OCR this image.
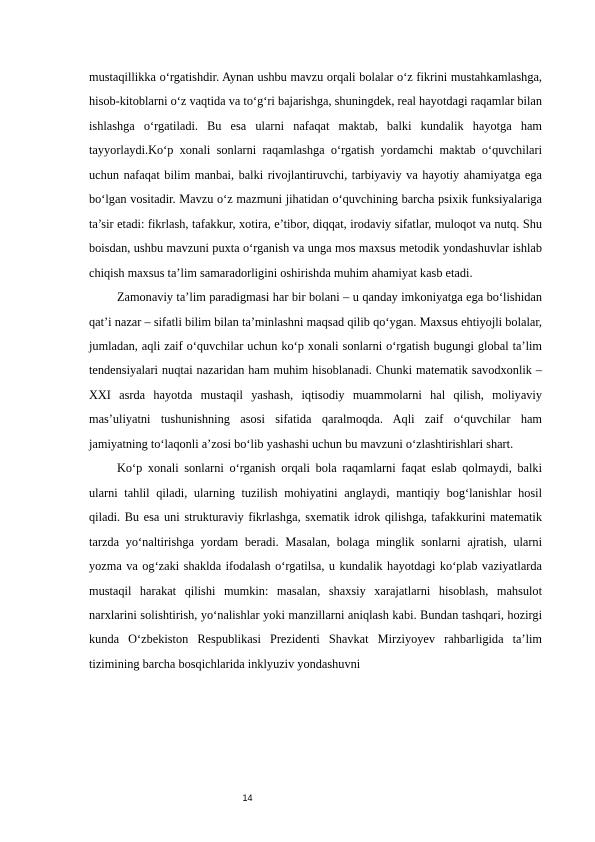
mustaqillikka o‘rgatishdir. Aynan ushbu mavzu orqali bolalar o‘z fikrini mustahkamlashga, hisob-kitoblarni o‘z vaqtida va to‘g‘ri bajarishga, shuningdek, real hayotdagi raqamlar bilan ishlashga o‘rgatiladi. Bu esa ularni nafaqat maktab, balki kundalik hayotga ham tayyorlaydi.Ko‘p xonali sonlarni raqamlashga o‘rgatish yordamchi maktab o‘quvchilari uchun nafaqat bilim manbai, balki rivojlantiruvchi, tarbiyaviy va hayotiy ahamiyatga ega bo‘lgan vositadir. Mavzu o‘z mazmuni jihatidan o‘quvchining barcha psixik funksiyalariga ta’sir etadi: fikrlash, tafakkur, xotira, e’tibor, diqqat, irodaviy sifatlar, muloqot va nutq. Shu boisdan, ushbu mavzuni puxta o‘rganish va unga mos maxsus metodik yondashuvlar ishlab chiqish maxsus ta’lim samaradorligini oshirishda muhim ahamiyat kasb etadi.

Zamonaviy ta’lim paradigmasi har bir bolani – u qanday imkoniyatga ega bo‘lishidan qat’i nazar – sifatli bilim bilan ta’minlashni maqsad qilib qo‘ygan. Maxsus ehtiyojli bolalar, jumladan, aqli zaif o‘quvchilar uchun ko‘p xonali sonlarni o‘rgatish bugungi global ta’lim tendensiyalari nuqtai nazaridan ham muhim hisoblanadi. Chunki matematik savodxonlik – XXI asrda hayotda mustaqil yashash, iqtisodiy muammolarni hal qilish, moliyaviy mas’uliyatni tushunishning asosi sifatida qaralmoqda. Aqli zaif o‘quvchilar ham jamiyatning to‘laqonli a’zosi bo‘lib yashashi uchun bu mavzuni o‘zlashtirishlari shart.

Ko‘p xonali sonlarni o‘rganish orqali bola raqamlarni faqat eslab qolmaydi, balki ularni tahlil qiladi, ularning tuzilish mohiyatini anglaydi, mantiqiy bog‘lanishlar hosil qiladi. Bu esa uni strukturaviy fikrlashga, sxematik idrok qilishga, tafakkurini matematik tarzda yo‘naltirishga yordam beradi. Masalan, bolaga minglik sonlarni ajratish, ularni yozma va og‘zaki shaklda ifodalash o‘rgatilsa, u kundalik hayotdagi ko‘plab vaziyatlarda mustaqil harakat qilishi mumkin: masalan, shaxsiy xarajatlarni hisoblash, mahsulot narxlarini solishtirish, yo‘nalishlar yoki manzillarni aniqlash kabi. Bundan tashqari, hozirgi kunda O‘zbekiston Respublikasi Prezidenti Shavkat Mirziyoyev rahbarligida ta’lim tizimining barcha bosqichlarida inklyuziv yondashuvni

14
